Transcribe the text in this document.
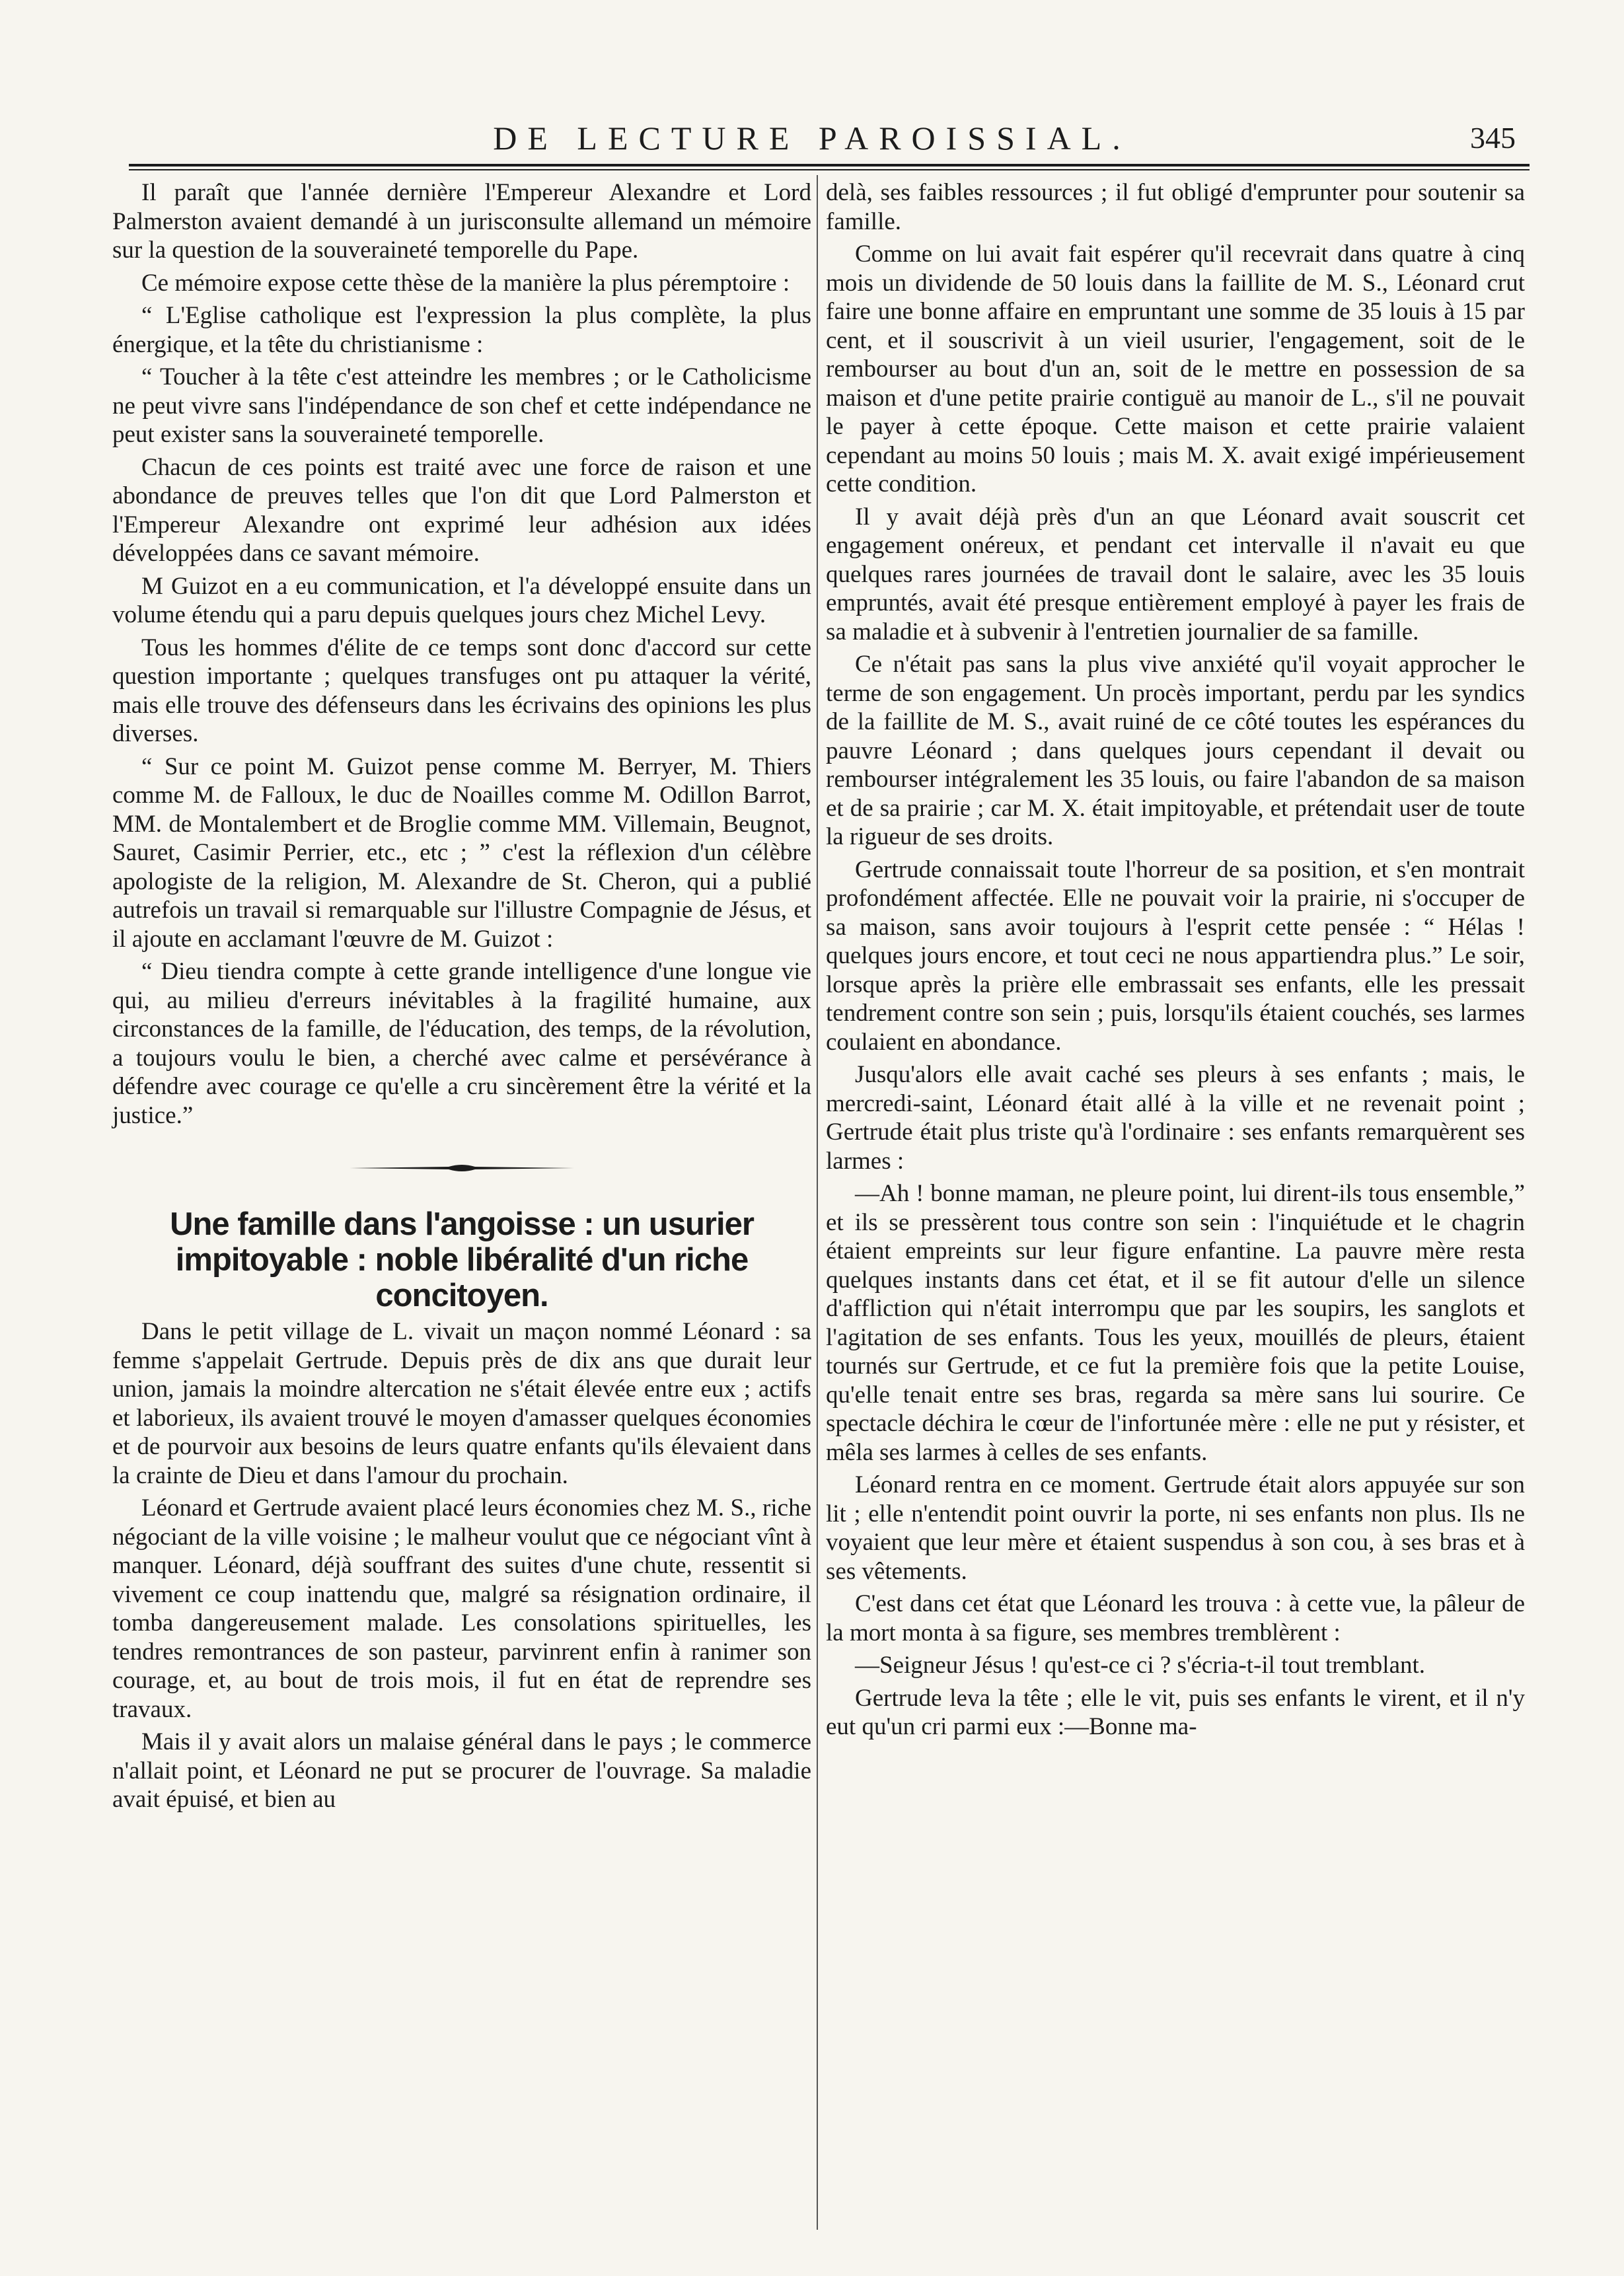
DE LECTURE PAROISSIAL.	345

Il paraît que l'année dernière l'Empereur Alexandre et Lord Palmerston avaient demandé à un jurisconsulte allemand un mémoire sur la question de la souveraineté temporelle du Pape.

Ce mémoire expose cette thèse de la manière la plus péremptoire :

“ L'Eglise catholique est l'expression la plus complète, la plus énergique, et la tête du christianisme :

“ Toucher à la tête c'est atteindre les membres ; or le Catholicisme ne peut vivre sans l'indépendance de son chef et cette indépendance ne peut exister sans la souveraineté temporelle.

Chacun de ces points est traité avec une force de raison et une abondance de preuves telles que l'on dit que Lord Palmerston et l'Empereur Alexandre ont exprimé leur adhésion aux idées développées dans ce savant mémoire.

M Guizot en a eu communication, et l'a développé ensuite dans un volume étendu qui a paru depuis quelques jours chez Michel Levy.

Tous les hommes d'élite de ce temps sont donc d'accord sur cette question importante ; quelques transfuges ont pu attaquer la vérité, mais elle trouve des défenseurs dans les écrivains des opinions les plus diverses.

“ Sur ce point M. Guizot pense comme M. Berryer, M. Thiers comme M. de Falloux, le duc de Noailles comme M. Odillon Barrot, MM. de Montalembert et de Broglie comme MM. Villemain, Beugnot, Sauret, Casimir Perrier, etc., etc ; ” c'est la réflexion d'un célèbre apologiste de la religion, M. Alexandre de St. Cheron, qui a publié autrefois un travail si remarquable sur l'illustre Compagnie de Jésus, et il ajoute en acclamant l'œuvre de M. Guizot :

“ Dieu tiendra compte à cette grande intelligence d'une longue vie qui, au milieu d'erreurs inévitables à la fragilité humaine, aux circonstances de la famille, de l'éducation, des temps, de la révolution, a toujours voulu le bien, a cherché avec calme et persévérance à défendre avec courage ce qu'elle a cru sincèrement être la vérité et la justice.”

Une famille dans l'angoisse : un usurier impitoyable : noble libéralité d'un riche concitoyen.

Dans le petit village de L. vivait un maçon nommé Léonard : sa femme s'appelait Gertrude. Depuis près de dix ans que durait leur union, jamais la moindre altercation ne s'était élevée entre eux ; actifs et laborieux, ils avaient trouvé le moyen d'amasser quelques économies et de pourvoir aux besoins de leurs quatre enfants qu'ils élevaient dans la crainte de Dieu et dans l'amour du prochain.

Léonard et Gertrude avaient placé leurs économies chez M. S., riche négociant de la ville voisine ; le malheur voulut que ce négociant vînt à manquer. Léonard, déjà souffrant des suites d'une chute, ressentit si vivement ce coup inattendu que, malgré sa résignation ordinaire, il tomba dangereusement malade. Les consolations spirituelles, les tendres remontrances de son pasteur, parvinrent enfin à ranimer son courage, et, au bout de trois mois, il fut en état de reprendre ses travaux.

Mais il y avait alors un malaise général dans le pays ; le commerce n'allait point, et Léonard ne put se procurer de l'ouvrage. Sa maladie avait épuisé, et bien au

delà, ses faibles ressources ; il fut obligé d'emprunter pour soutenir sa famille.

Comme on lui avait fait espérer qu'il recevrait dans quatre à cinq mois un dividende de 50 louis dans la faillite de M. S., Léonard crut faire une bonne affaire en empruntant une somme de 35 louis à 15 par cent, et il souscrivit à un vieil usurier, l'engagement, soit de le rembourser au bout d'un an, soit de le mettre en possession de sa maison et d'une petite prairie contiguë au manoir de L., s'il ne pouvait le payer à cette époque. Cette maison et cette prairie valaient cependant au moins 50 louis ; mais M. X. avait exigé impérieusement cette condition.

Il y avait déjà près d'un an que Léonard avait souscrit cet engagement onéreux, et pendant cet intervalle il n'avait eu que quelques rares journées de travail dont le salaire, avec les 35 louis empruntés, avait été presque entièrement employé à payer les frais de sa maladie et à subvenir à l'entretien journalier de sa famille.

Ce n'était pas sans la plus vive anxiété qu'il voyait approcher le terme de son engagement. Un procès important, perdu par les syndics de la faillite de M. S., avait ruiné de ce côté toutes les espérances du pauvre Léonard ; dans quelques jours cependant il devait ou rembourser intégralement les 35 louis, ou faire l'abandon de sa maison et de sa prairie ; car M. X. était impitoyable, et prétendait user de toute la rigueur de ses droits.

Gertrude connaissait toute l'horreur de sa position, et s'en montrait profondément affectée. Elle ne pouvait voir la prairie, ni s'occuper de sa maison, sans avoir toujours à l'esprit cette pensée : “ Hélas ! quelques jours encore, et tout ceci ne nous appartiendra plus.” Le soir, lorsque après la prière elle embrassait ses enfants, elle les pressait tendrement contre son sein ; puis, lorsqu'ils étaient couchés, ses larmes coulaient en abondance.

Jusqu'alors elle avait caché ses pleurs à ses enfants ; mais, le mercredi-saint, Léonard était allé à la ville et ne revenait point ; Gertrude était plus triste qu'à l'ordinaire : ses enfants remarquèrent ses larmes :

—Ah ! bonne maman, ne pleure point, lui dirent-ils tous ensemble,” et ils se pressèrent tous contre son sein : l'inquiétude et le chagrin étaient empreints sur leur figure enfantine. La pauvre mère resta quelques instants dans cet état, et il se fit autour d'elle un silence d'affliction qui n'était interrompu que par les soupirs, les sanglots et l'agitation de ses enfants. Tous les yeux, mouillés de pleurs, étaient tournés sur Gertrude, et ce fut la première fois que la petite Louise, qu'elle tenait entre ses bras, regarda sa mère sans lui sourire. Ce spectacle déchira le cœur de l'infortunée mère : elle ne put y résister, et mêla ses larmes à celles de ses enfants.

Léonard rentra en ce moment. Gertrude était alors appuyée sur son lit ; elle n'entendit point ouvrir la porte, ni ses enfants non plus. Ils ne voyaient que leur mère et étaient suspendus à son cou, à ses bras et à ses vêtements.

C'est dans cet état que Léonard les trouva : à cette vue, la pâleur de la mort monta à sa figure, ses membres tremblèrent :

—Seigneur Jésus ! qu'est-ce ci ? s'écria-t-il tout tremblant.

Gertrude leva la tête ; elle le vit, puis ses enfants le virent, et il n'y eut qu'un cri parmi eux :—Bonne ma-
